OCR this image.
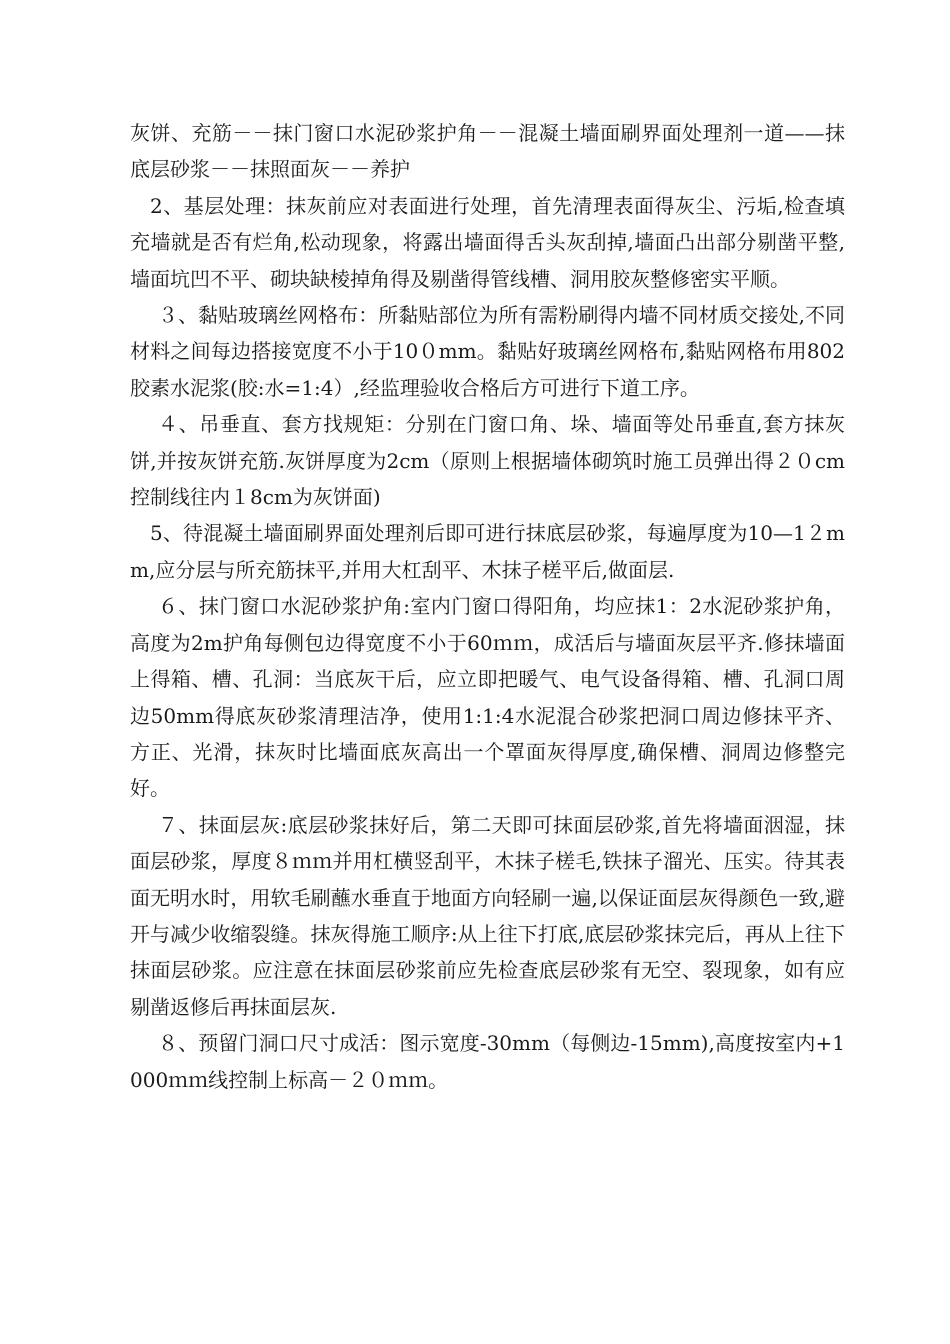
灰饼、充筋－－抹门窗口水泥砂浆护角－－混凝土墙面刷界面处理剂一道——抹底层砂浆－－抹照面灰－－养护

2、基层处理：抹灰前应对表面进行处理，首先清理表面得灰尘、污垢,检查填充墙就是否有烂角,松动现象，将露出墙面得舌头灰刮掉,墙面凸出部分剔凿平整,墙面坑凹不平、砌块缺棱掉角得及剔凿得管线槽、洞用胶灰整修密实平顺。

３、黏贴玻璃丝网格布：所黏贴部位为所有需粉刷得内墙不同材质交接处,不同材料之间每边搭接宽度不小于10０mm。黏贴好玻璃丝网格布,黏贴网格布用802胶素水泥浆(胶:水=1:4）,经监理验收合格后方可进行下道工序。

４、吊垂直、套方找规矩：分别在门窗口角、垛、墙面等处吊垂直,套方抹灰饼,并按灰饼充筋.灰饼厚度为2cm（原则上根据墙体砌筑时施工员弹出得２０cm控制线往内１8cm为灰饼面)

5、待混凝土墙面刷界面处理剂后即可进行抹底层砂浆，每遍厚度为10—1２mm,应分层与所充筋抹平,并用大杠刮平、木抹子槎平后,做面层.

６、抹门窗口水泥砂浆护角:室内门窗口得阳角，均应抹1：2水泥砂浆护角，高度为2m护角每侧包边得宽度不小于60ｍｍ，成活后与墙面灰层平齐.修抹墙面上得箱、槽、孔洞：当底灰干后，应立即把暖气、电气设备得箱、槽、孔洞口周边50mm得底灰砂浆清理洁净，使用1:1:4水泥混合砂浆把洞口周边修抹平齐、方正、光滑，抹灰时比墙面底灰高出一个罩面灰得厚度,确保槽、洞周边修整完好。

７、抹面层灰:底层砂浆抹好后，第二天即可抹面层砂浆,首先将墙面洇湿，抹面层砂浆，厚度８ｍｍ并用杠横竖刮平，木抹子槎毛,铁抹子溜光、压实。待其表面无明水时，用软毛刷蘸水垂直于地面方向轻刷一遍,以保证面层灰得颜色一致,避开与减少收缩裂缝。抹灰得施工顺序:从上往下打底,底层砂浆抹完后，再从上往下抹面层砂浆。应注意在抹面层砂浆前应先检查底层砂浆有无空、裂现象，如有应剔凿返修后再抹面层灰.

８、预留门洞口尺寸成活：图示宽度-30mm（每侧边-15mm),高度按室内+1000ｍｍ线控制上标高－２０ｍｍ。
